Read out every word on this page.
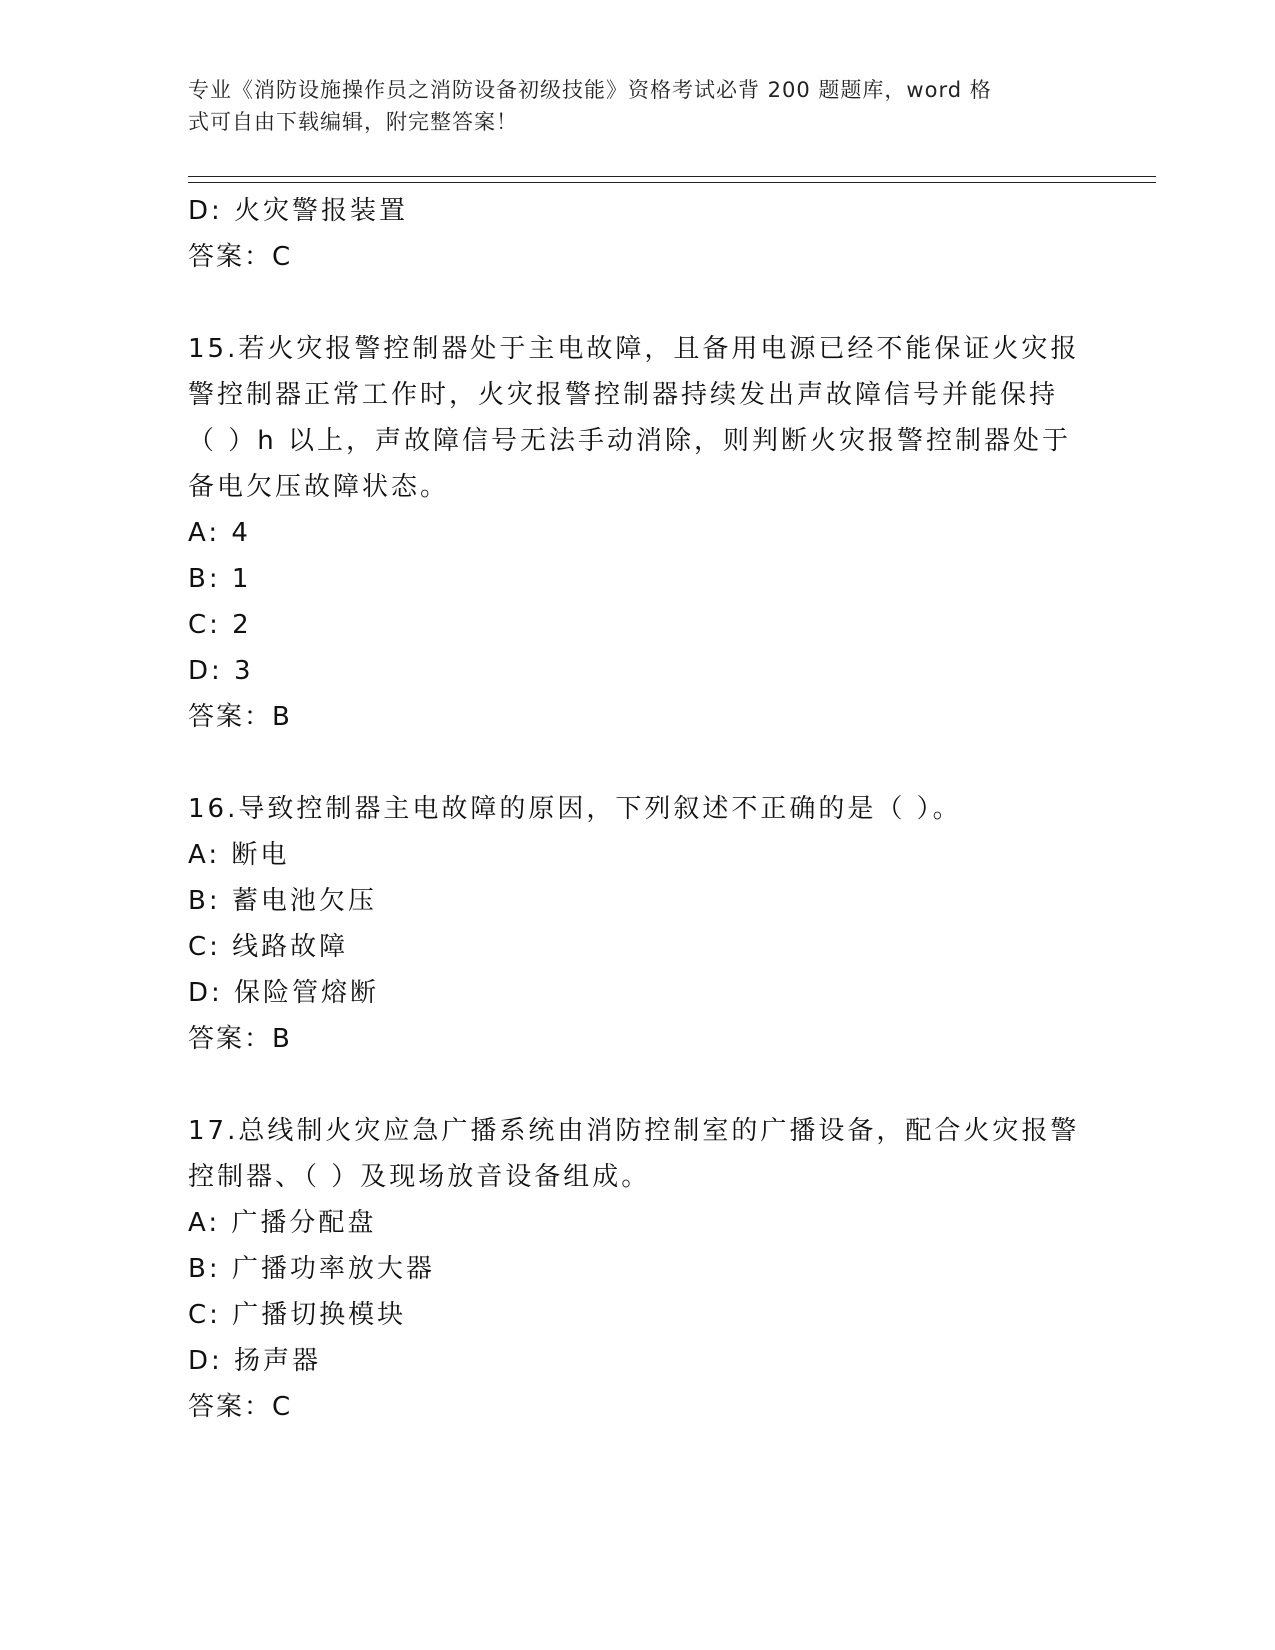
专业《消防设施操作员之消防设备初级技能》资格考试必背 200 题题库，word 格
式可自由下载编辑，附完整答案！
D: 火灾警报装置
答案：C
15.若火灾报警控制器处于主电故障，且备用电源已经不能保证火灾报
警控制器正常工作时，火灾报警控制器持续发出声故障信号并能保持
（ ）h 以上，声故障信号无法手动消除，则判断火灾报警控制器处于
备电欠压故障状态。
A: 4
B: 1
C: 2
D: 3
答案：B
16.导致控制器主电故障的原因，下列叙述不正确的是（ ）。
A: 断电
B: 蓄电池欠压
C: 线路故障
D: 保险管熔断
答案：B
17.总线制火灾应急广播系统由消防控制室的广播设备，配合火灾报警
控制器、（ ）及现场放音设备组成。
A: 广播分配盘
B: 广播功率放大器
C: 广播切换模块
D: 扬声器
答案：C
